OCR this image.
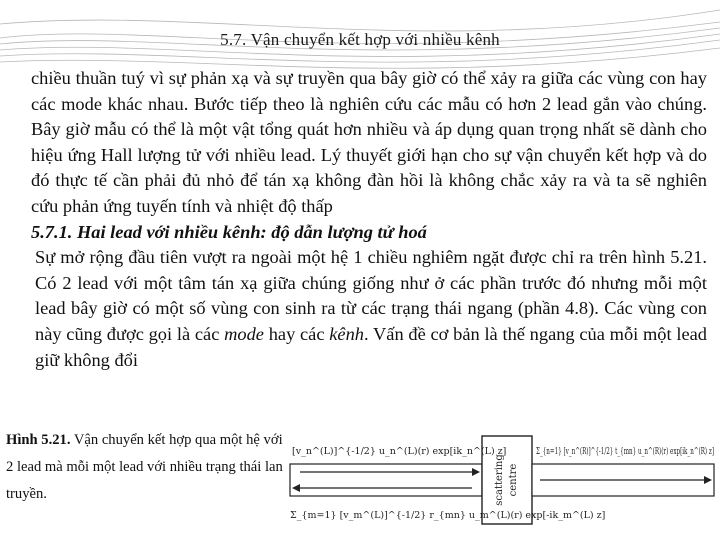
5.7. Vận chuyển kết hợp với nhiều kênh

chiều thuần tuý vì sự phản xạ và sự truyền qua bây giờ có thể xảy ra giữa các vùng con hay các mode khác nhau. Bước tiếp theo là nghiên cứu các mẫu có hơn 2 lead gắn vào chúng. Bây giờ mẫu có thể là một vật tổng quát hơn nhiều và áp dụng quan trọng nhất sẽ dành cho hiệu ứng Hall lượng tử với nhiều lead. Lý thuyết giới hạn cho sự vận chuyển kết hợp và do đó thực tế cần phải đủ nhỏ để tán xạ không đàn hồi là không chắc xảy ra và ta sẽ nghiên cứu phản ứng tuyến tính và nhiệt độ thấp

5.7.1. Hai lead với nhiều kênh: độ dẫn lượng tử hoá

Sự mở rộng đầu tiên vượt ra ngoài một hệ 1 chiều nghiêm ngặt được chỉ ra trên hình 5.21. Có 2 lead với một tâm tán xạ giữa chúng giống như ở các phần trước đó nhưng mỗi một lead bây giờ có một số vùng con sinh ra từ các trạng thái ngang (phần 4.8). Các vùng con này cũng được gọi là các mode hay các kênh. Vấn đề cơ bản là thế ngang của mỗi một lead giữ không đổi

Hình 5.21. Vận chuyển kết hợp qua một hệ với 2 lead mà mỗi một lead với nhiều trạng thái lan truyền.	scattering centre
[v_n^(L)]^{-1/2} u_n^(L)(r) exp[ik_n^(L) z]
Σ_{m=1} [v_m^(L)]^{-1/2} r_{mn} u_m^(L)(r) exp[-ik_m^(L) z]
Σ_{n=1} [v_n^(R)]^{-1/2} t_{mn} u_n^(R)(r) exp[ik_n^(R) z]
